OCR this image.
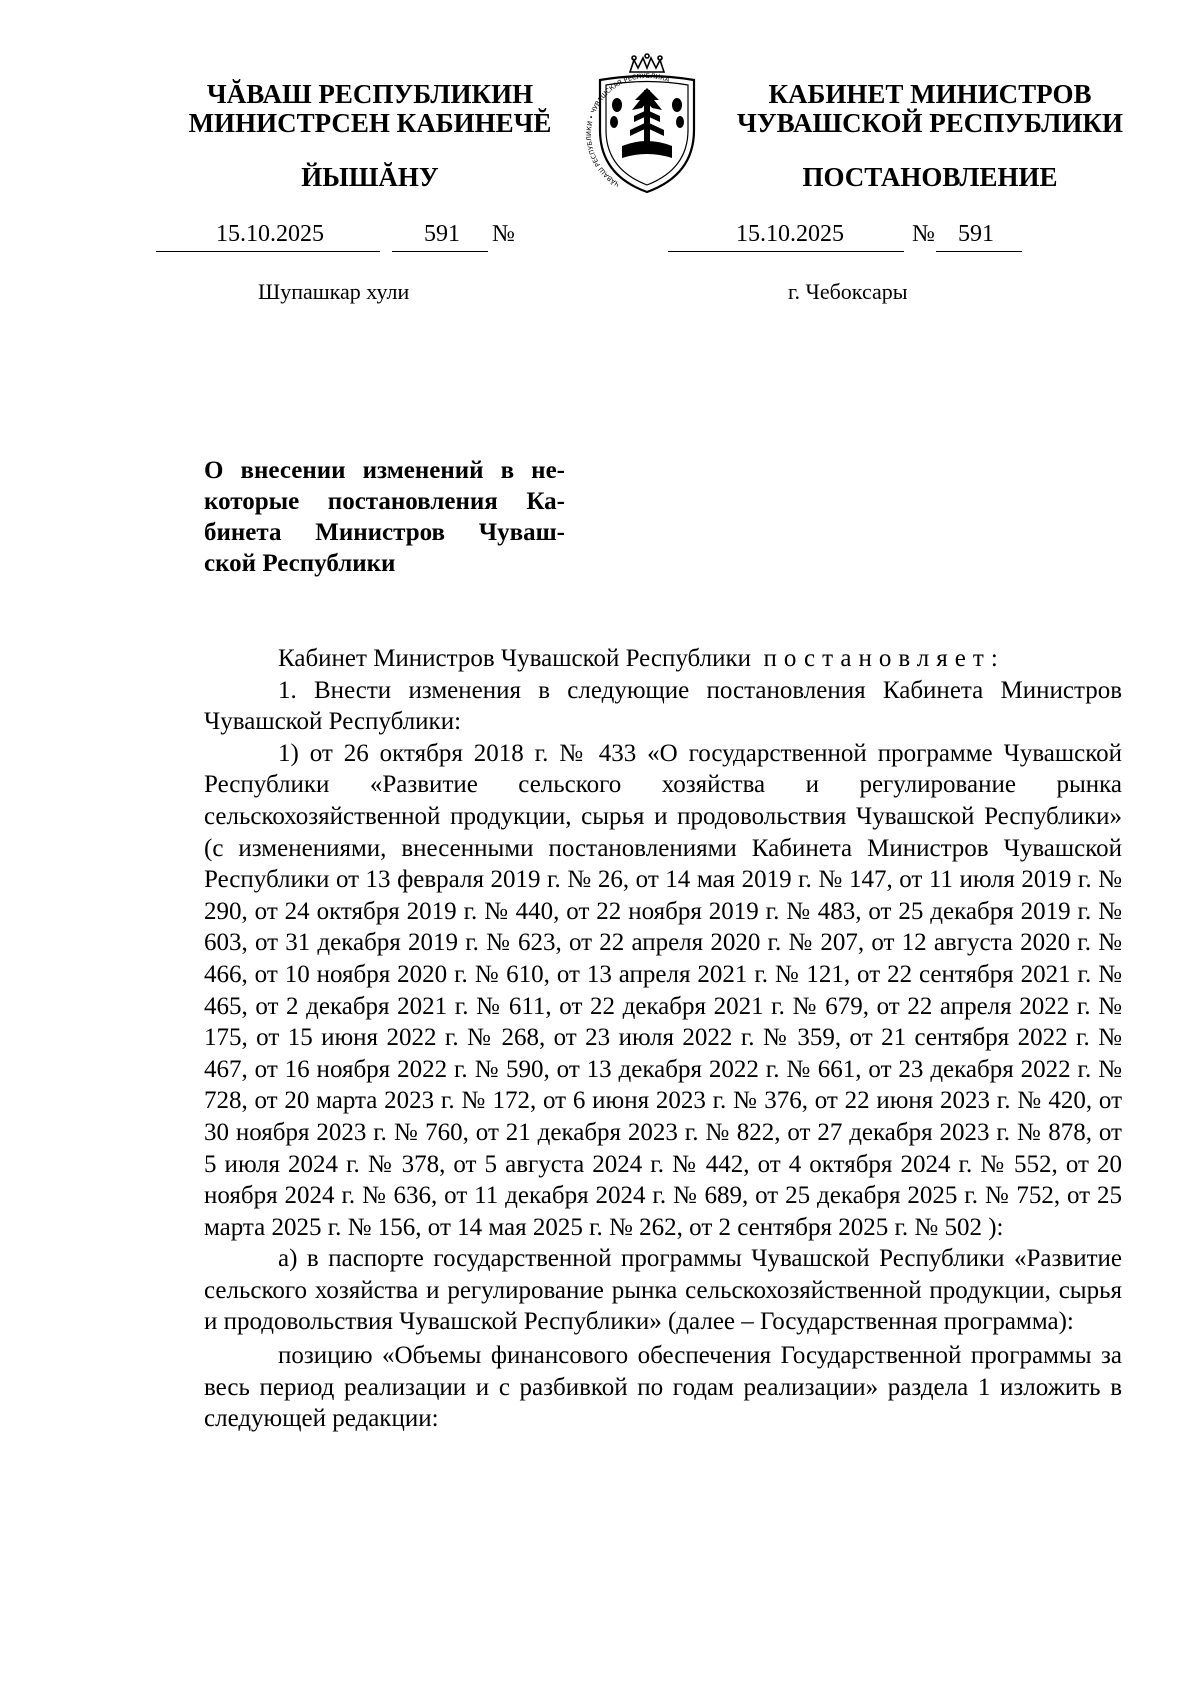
ЧĂВАШ РЕСПУБЛИКИН
МИНИСТРСЕН КАБИНЕЧĔ
ЙЫШĂНУ
КАБИНЕТ МИНИСТРОВ
ЧУВАШСКОЙ РЕСПУБЛИКИ
ПОСТАНОВЛЕНИЕ
ЧĂВАШ РЕСПУБЛИКИ • ЧУВАШСКАЯ РЕСПУБЛИКА
15.10.2025	591 №	15.10.2025	№ 591
Шупашкар хули	г. Чебоксары
О внесении изменений в не-
которые постановления Ка-
бинета Министров Чуваш-
ской Республики

Кабинет Министров Чувашской Республики постановляет:

1. Внести изменения в следующие постановления Кабинета Министров Чувашской Республики:

1) от 26 октября 2018 г. № 433 «О государственной программе Чувашской Республики «Развитие сельского хозяйства и регулирование рынка сельскохозяйственной продукции, сырья и продовольствия Чувашской Республики» (с изменениями, внесенными постановлениями Кабинета Министров Чувашской Республики от 13 февраля 2019 г. № 26, от 14 мая 2019 г. № 147, от 11 июля 2019 г. № 290, от 24 октября 2019 г. № 440, от 22 ноября 2019 г. № 483, от 25 декабря 2019 г. № 603, от 31 декабря 2019 г. № 623, от 22 апреля 2020 г. № 207, от 12 августа 2020 г. № 466, от 10 ноября 2020 г. № 610, от 13 апреля 2021 г. № 121, от 22 сентября 2021 г. № 465, от 2 декабря 2021 г. № 611, от 22 декабря 2021 г. № 679, от 22 апреля 2022 г. № 175, от 15 июня 2022 г. № 268, от 23 июля 2022 г. № 359, от 21 сентября 2022 г. № 467, от 16 ноября 2022 г. № 590, от 13 декабря 2022 г. № 661, от 23 декабря 2022 г. № 728, от 20 марта 2023 г. № 172, от 6 июня 2023 г. № 376, от 22 июня 2023 г. № 420, от 30 ноября 2023 г. № 760, от 21 декабря 2023 г. № 822, от 27 декабря 2023 г. № 878, от 5 июля 2024 г. № 378, от 5 августа 2024 г. № 442, от 4 октября 2024 г. № 552, от 20 ноября 2024 г. № 636, от 11 декабря 2024 г. № 689, от 25 декабря 2025 г. № 752, от 25 марта 2025 г. № 156, от 14 мая 2025 г. № 262, от 2 сентября 2025 г. № 502 ):

а) в паспорте государственной программы Чувашской Республики «Развитие сельского хозяйства и регулирование рынка сельскохозяйственной продукции, сырья и продовольствия Чувашской Республики» (далее – Государственная программа):

позицию «Объемы финансового обеспечения Государственной программы за весь период реализации и с разбивкой по годам реализации» раздела 1 изложить в следующей редакции:
